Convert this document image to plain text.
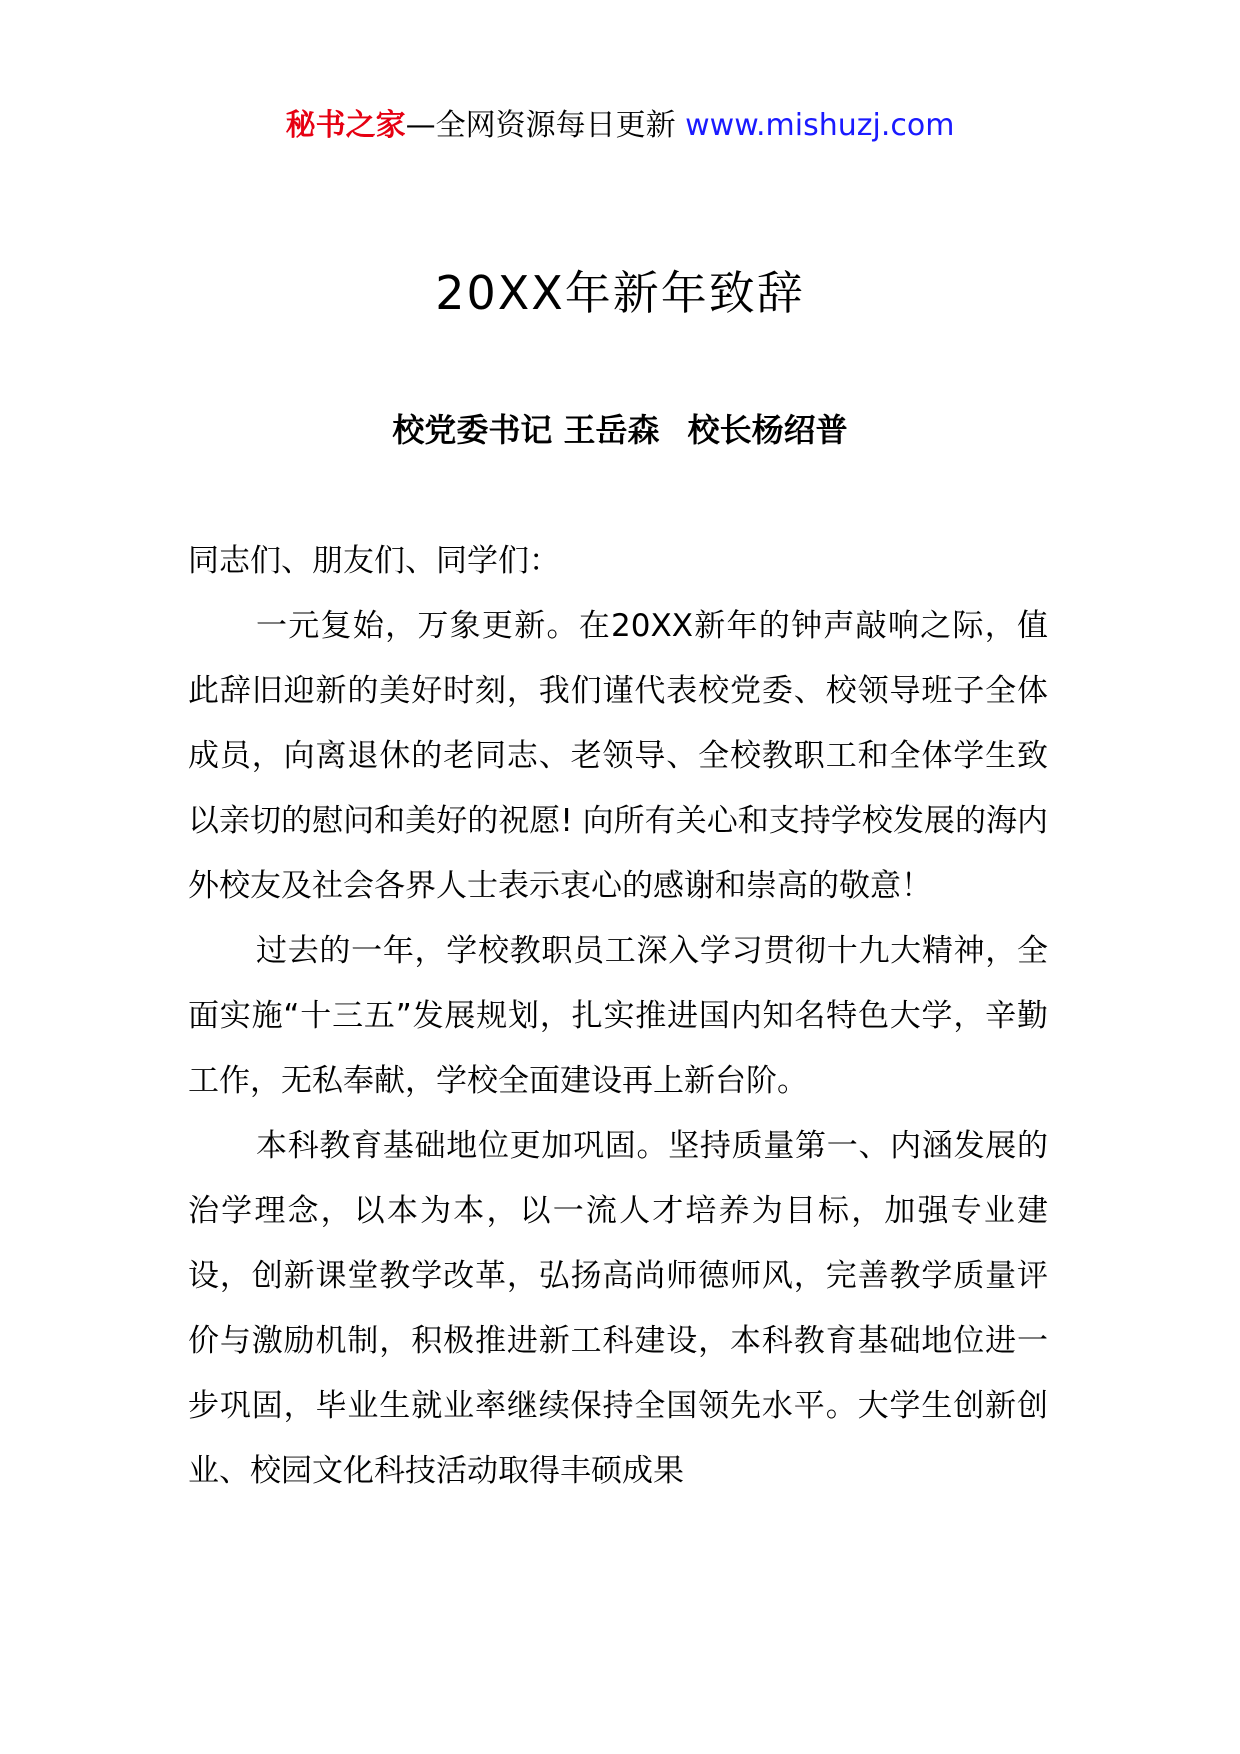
秘书之家—全网资源每日更新 www.mishuzj.com
20XX年新年致辞
校党委书记 王岳森 校长杨绍普

同志们、朋友们、同学们：

一元复始，万象更新。在20XX新年的钟声敲响之际，值此辞旧迎新的美好时刻，我们谨代表校党委、校领导班子全体成员，向离退休的老同志、老领导、全校教职工和全体学生致以亲切的慰问和美好的祝愿! 向所有关心和支持学校发展的海内外校友及社会各界人士表示衷心的感谢和崇高的敬意！

过去的一年，学校教职员工深入学习贯彻十九大精神，全面实施“十三五”发展规划，扎实推进国内知名特色大学，辛勤工作，无私奉献，学校全面建设再上新台阶。

本科教育基础地位更加巩固。坚持质量第一、内涵发展的治学理念，以本为本，以一流人才培养为目标，加强专业建设，创新课堂教学改革，弘扬高尚师德师风，完善教学质量评价与激励机制，积极推进新工科建设，本科教育基础地位进一步巩固，毕业生就业率继续保持全国领先水平。大学生创新创业、校园文化科技活动取得丰硕成果
